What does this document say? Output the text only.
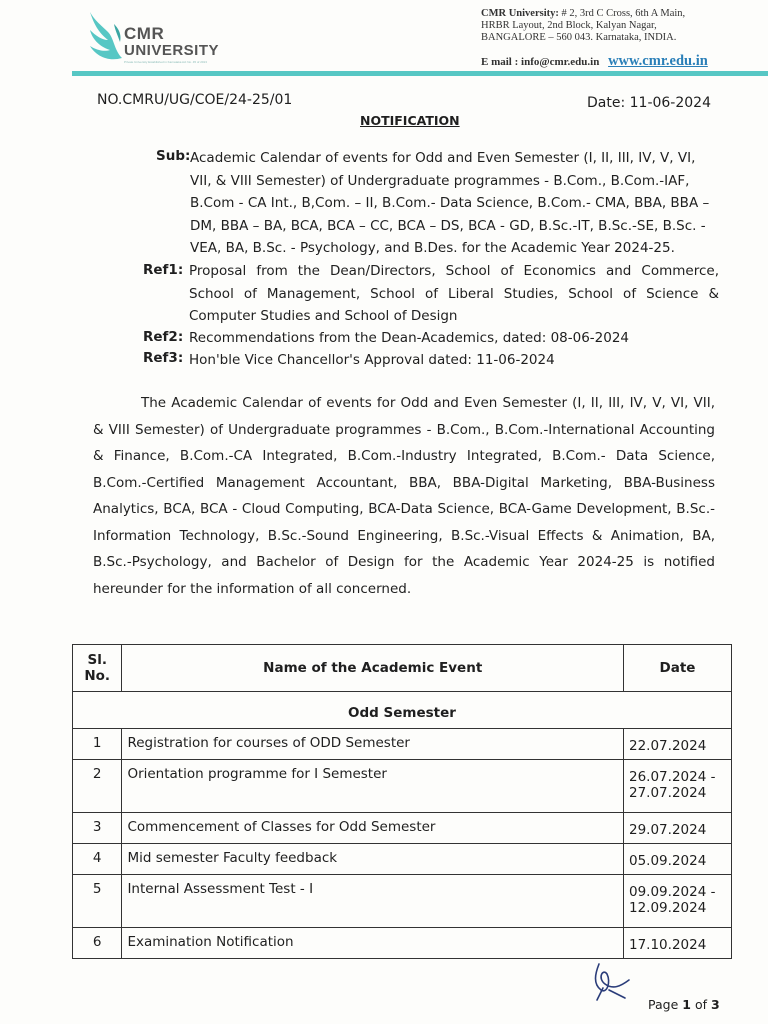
CMR
UNIVERSITY
Private University Established in Karnataka Act No. 45 of 2013
CMR University: # 2, 3rd C Cross, 6th A Main,
HRBR Layout, 2nd Block, Kalyan Nagar,
BANGALORE – 560 043. Karnataka, INDIA.
E mail : info@cmr.edu.in www.cmr.edu.in
NO.CMRU/UG/COE/24-25/01	Date: 11-06-2024
NOTIFICATION
Sub: Academic Calendar of events for Odd and Even Semester (I, II, III, IV, V, VI, VII, & VIII Semester) of Undergraduate programmes - B.Com., B.Com.-IAF, B.Com - CA Int., B,Com. – II, B.Com.- Data Science, B.Com.- CMA, BBA, BBA – DM, BBA – BA, BCA, BCA – CC, BCA – DS, BCA - GD, B.Sc.-IT, B.Sc.-SE, B.Sc. - VEA, BA, B.Sc. - Psychology, and B.Des. for the Academic Year 2024-25.
Ref1: Proposal from the Dean/Directors, School of Economics and Commerce, School of Management, School of Liberal Studies, School of Science & Computer Studies and School of Design
Ref2: Recommendations from the Dean-Academics, dated: 08-06-2024
Ref3: Hon'ble Vice Chancellor's Approval dated: 11-06-2024
The Academic Calendar of events for Odd and Even Semester (I, II, III, IV, V, VI, VII, & VIII Semester) of Undergraduate programmes - B.Com., B.Com.-International Accounting & Finance, B.Com.-CA Integrated, B.Com.-Industry Integrated, B.Com.- Data Science, B.Com.-Certified Management Accountant, BBA, BBA-Digital Marketing, BBA-Business Analytics, BCA, BCA - Cloud Computing, BCA-Data Science, BCA-Game Development, B.Sc.-Information Technology, B.Sc.-Sound Engineering, B.Sc.-Visual Effects & Animation, BA, B.Sc.-Psychology, and Bachelor of Design for the Academic Year 2024-25 is notified hereunder for the information of all concerned.
Sl. No.	Name of the Academic Event	Date
Odd Semester		
1	Registration for courses of ODD Semester	22.07.2024

2	Orientation programme for I Semester	26.07.2024 - 27.07.2024

3	Commencement of Classes for Odd Semester	29.07.2024

4	Mid semester Faculty feedback	05.09.2024

5	Internal Assessment Test - I	09.09.2024 - 12.09.2024

6	Examination Notification	17.10.2024
Page 1 of 3
